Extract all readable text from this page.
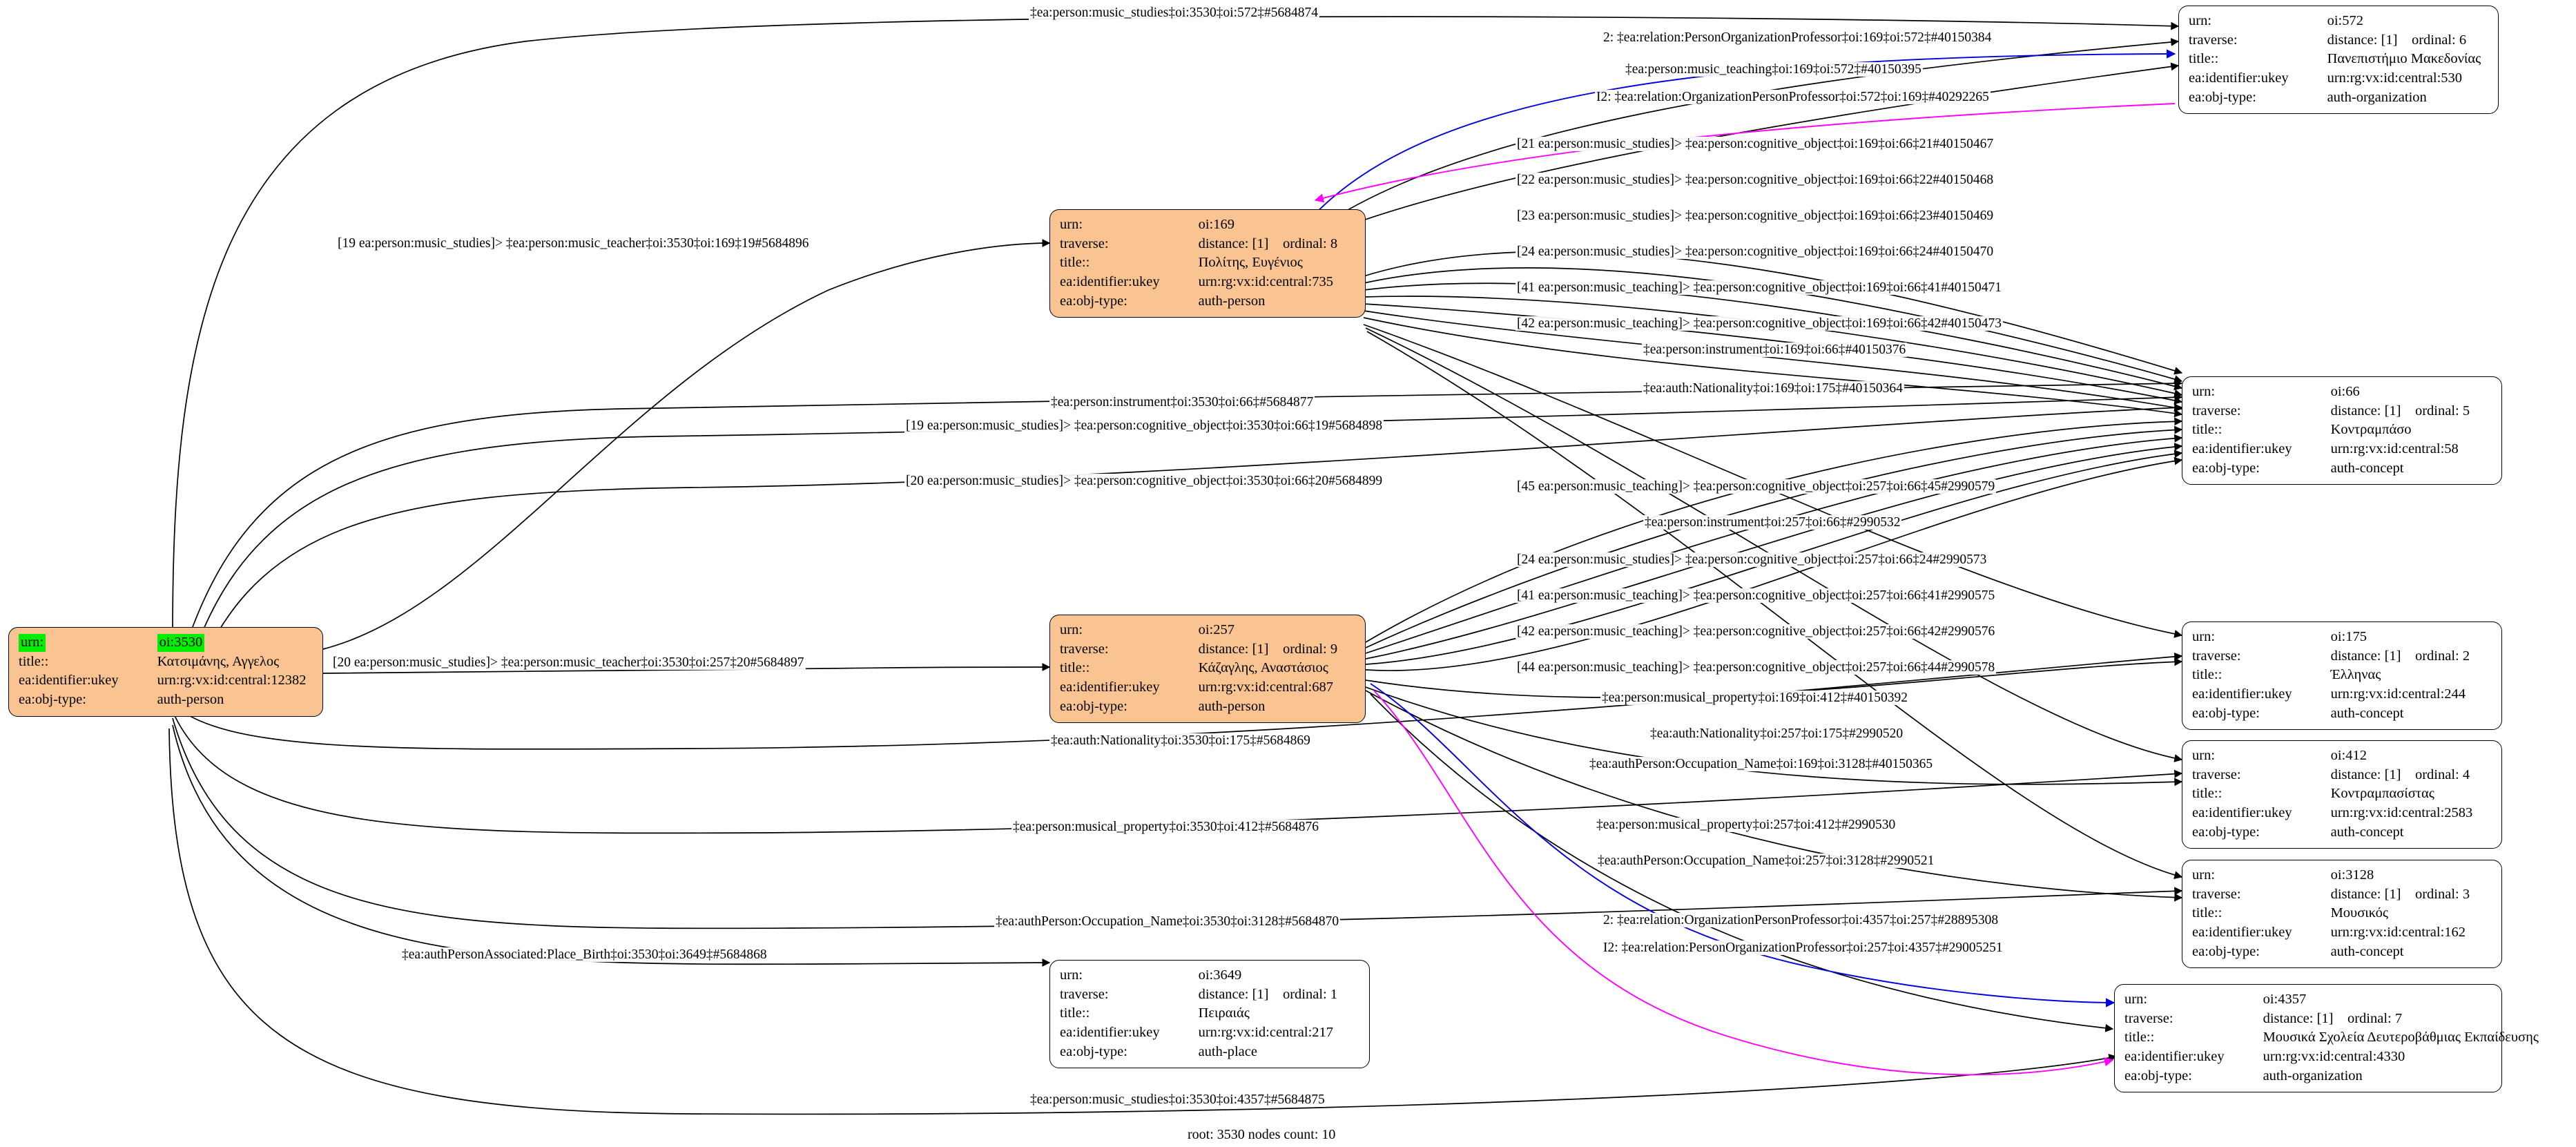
urn:	oi:3530
title::	Κατσιμάνης, Αγγελος
ea:identifier:ukey	urn:rg:vx:id:central:12382
ea:obj-type:	auth-person
urn:	oi:169
traverse:	distance: [1] ordinal: 8
title::	Πολίτης, Ευγένιος
ea:identifier:ukey	urn:rg:vx:id:central:735
ea:obj-type:	auth-person
urn:	oi:257
traverse:	distance: [1] ordinal: 9
title::	Κάζαγλης, Αναστάσιος
ea:identifier:ukey	urn:rg:vx:id:central:687
ea:obj-type:	auth-person
urn:	oi:572
traverse:	distance: [1] ordinal: 6
title::	Πανεπιστήμιο Μακεδονίας
ea:identifier:ukey	urn:rg:vx:id:central:530
ea:obj-type:	auth-organization
urn:	oi:66
traverse:	distance: [1] ordinal: 5
title::	Κοντραμπάσο
ea:identifier:ukey	urn:rg:vx:id:central:58
ea:obj-type:	auth-concept
urn:	oi:175
traverse:	distance: [1] ordinal: 2
title::	Έλληνας
ea:identifier:ukey	urn:rg:vx:id:central:244
ea:obj-type:	auth-concept
urn:	oi:412
traverse:	distance: [1] ordinal: 4
title::	Κοντραμπασίστας
ea:identifier:ukey	urn:rg:vx:id:central:2583
ea:obj-type:	auth-concept
urn:	oi:3128
traverse:	distance: [1] ordinal: 3
title::	Μουσικός
ea:identifier:ukey	urn:rg:vx:id:central:162
ea:obj-type:	auth-concept
urn:	oi:4357
traverse:	distance: [1] ordinal: 7
title::	Μουσικά Σχολεία Δευτεροβάθμιας Εκπαίδευσης
ea:identifier:ukey	urn:rg:vx:id:central:4330
ea:obj-type:	auth-organization
urn:	oi:3649
traverse:	distance: [1] ordinal: 1
title::	Πειραιάς
ea:identifier:ukey	urn:rg:vx:id:central:217
ea:obj-type:	auth-place
‡ea:person:music_studies‡oi:3530‡oi:572‡#5684874
2: ‡ea:relation:PersonOrganizationProfessor‡oi:169‡oi:572‡#40150384
‡ea:person:music_teaching‡oi:169‡oi:572‡#40150395
I2: ‡ea:relation:OrganizationPersonProfessor‡oi:572‡oi:169‡#40292265
[21 ea:person:music_studies]> ‡ea:person:cognitive_object‡oi:169‡oi:66‡21#40150467
[22 ea:person:music_studies]> ‡ea:person:cognitive_object‡oi:169‡oi:66‡22#40150468
[23 ea:person:music_studies]> ‡ea:person:cognitive_object‡oi:169‡oi:66‡23#40150469
[24 ea:person:music_studies]> ‡ea:person:cognitive_object‡oi:169‡oi:66‡24#40150470
[41 ea:person:music_teaching]> ‡ea:person:cognitive_object‡oi:169‡oi:66‡41#40150471
[42 ea:person:music_teaching]> ‡ea:person:cognitive_object‡oi:169‡oi:66‡42#40150473
‡ea:person:instrument‡oi:169‡oi:66‡#40150376
‡ea:auth:Nationality‡oi:169‡oi:175‡#40150364
[19 ea:person:music_studies]> ‡ea:person:music_teacher‡oi:3530‡oi:169‡19#5684896
‡ea:person:instrument‡oi:3530‡oi:66‡#5684877
[19 ea:person:music_studies]> ‡ea:person:cognitive_object‡oi:3530‡oi:66‡19#5684898
[20 ea:person:music_studies]> ‡ea:person:cognitive_object‡oi:3530‡oi:66‡20#5684899	[45 ea:person:music_teaching]> ‡ea:person:cognitive_object‡oi:257‡oi:66‡45#2990579
‡ea:person:instrument‡oi:257‡oi:66‡#2990532
[24 ea:person:music_studies]> ‡ea:person:cognitive_object‡oi:257‡oi:66‡24#2990573
[41 ea:person:music_teaching]> ‡ea:person:cognitive_object‡oi:257‡oi:66‡41#2990575
[42 ea:person:music_teaching]> ‡ea:person:cognitive_object‡oi:257‡oi:66‡42#2990576
[44 ea:person:music_teaching]> ‡ea:person:cognitive_object‡oi:257‡oi:66‡44#2990578
‡ea:person:musical_property‡oi:169‡oi:412‡#40150392
‡ea:auth:Nationality‡oi:257‡oi:175‡#2990520
‡ea:authPerson:Occupation_Name‡oi:169‡oi:3128‡#40150365
[20 ea:person:music_studies]> ‡ea:person:music_teacher‡oi:3530‡oi:257‡20#5684897
‡ea:auth:Nationality‡oi:3530‡oi:175‡#5684869
‡ea:person:musical_property‡oi:257‡oi:412‡#2990530
‡ea:person:musical_property‡oi:3530‡oi:412‡#5684876
‡ea:authPerson:Occupation_Name‡oi:257‡oi:3128‡#2990521
‡ea:authPerson:Occupation_Name‡oi:3530‡oi:3128‡#5684870	2: ‡ea:relation:OrganizationPersonProfessor‡oi:4357‡oi:257‡#28895308
I2: ‡ea:relation:PersonOrganizationProfessor‡oi:257‡oi:4357‡#29005251
‡ea:authPersonAssociated:Place_Birth‡oi:3530‡oi:3649‡#5684868
‡ea:person:music_studies‡oi:3530‡oi:4357‡#5684875
root: 3530 nodes count: 10
